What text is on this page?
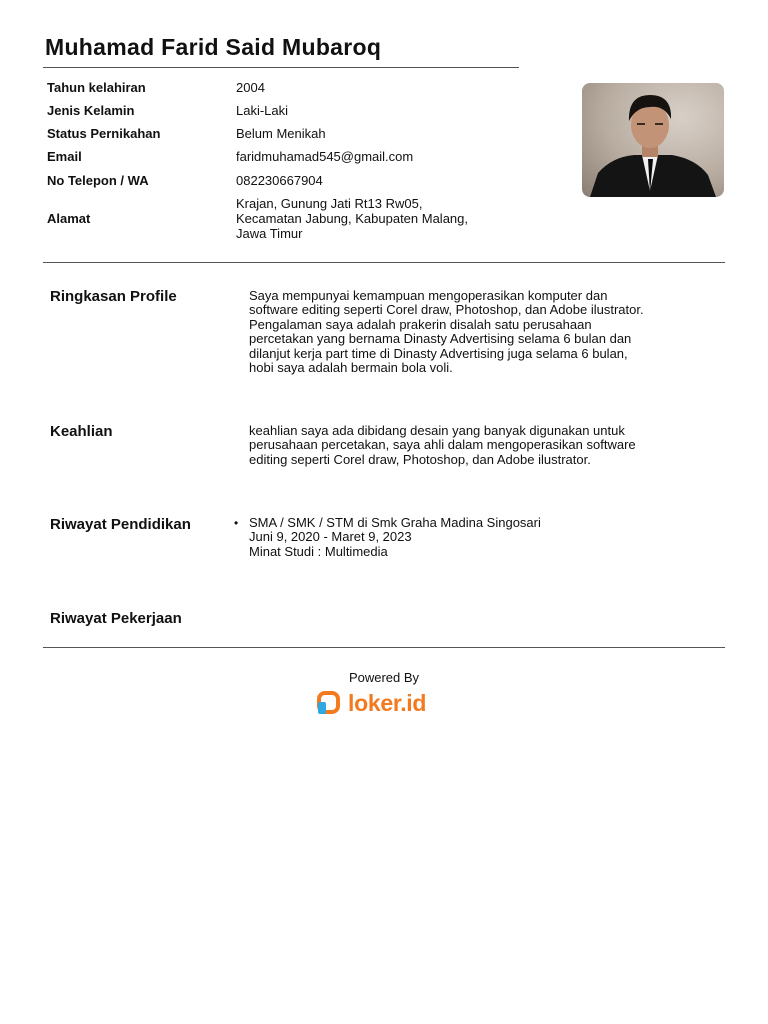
Muhamad Farid Said Mubaroq
Tahun kelahiran	2004
Jenis Kelamin	Laki-Laki
Status Pernikahan	Belum Menikah
Email	faridmuhamad545@gmail.com
No Telepon / WA	082230667904
Alamat
Krajan, Gunung Jati Rt13 Rw05,
Kecamatan Jabung, Kabupaten Malang,
Jawa Timur
Ringkasan Profile	Saya mempunyai kemampuan mengoperasikan komputer dan
software editing seperti Corel draw, Photoshop, dan Adobe ilustrator.
Pengalaman saya adalah prakerin disalah satu perusahaan
percetakan yang bernama Dinasty Advertising selama 6 bulan dan
dilanjut kerja part time di Dinasty Advertising juga selama 6 bulan,
hobi saya adalah bermain bola voli.
Keahlian	keahlian saya ada dibidang desain yang banyak digunakan untuk
perusahaan percetakan, saya ahli dalam mengoperasikan software
editing seperti Corel draw, Photoshop, dan Adobe ilustrator.
Riwayat Pendidikan	• SMA / SMK / STM di Smk Graha Madina Singosari
Juni 9, 2020 - Maret 9, 2023
Minat Studi : Multimedia
Riwayat Pekerjaan
Powered By
loker.id
